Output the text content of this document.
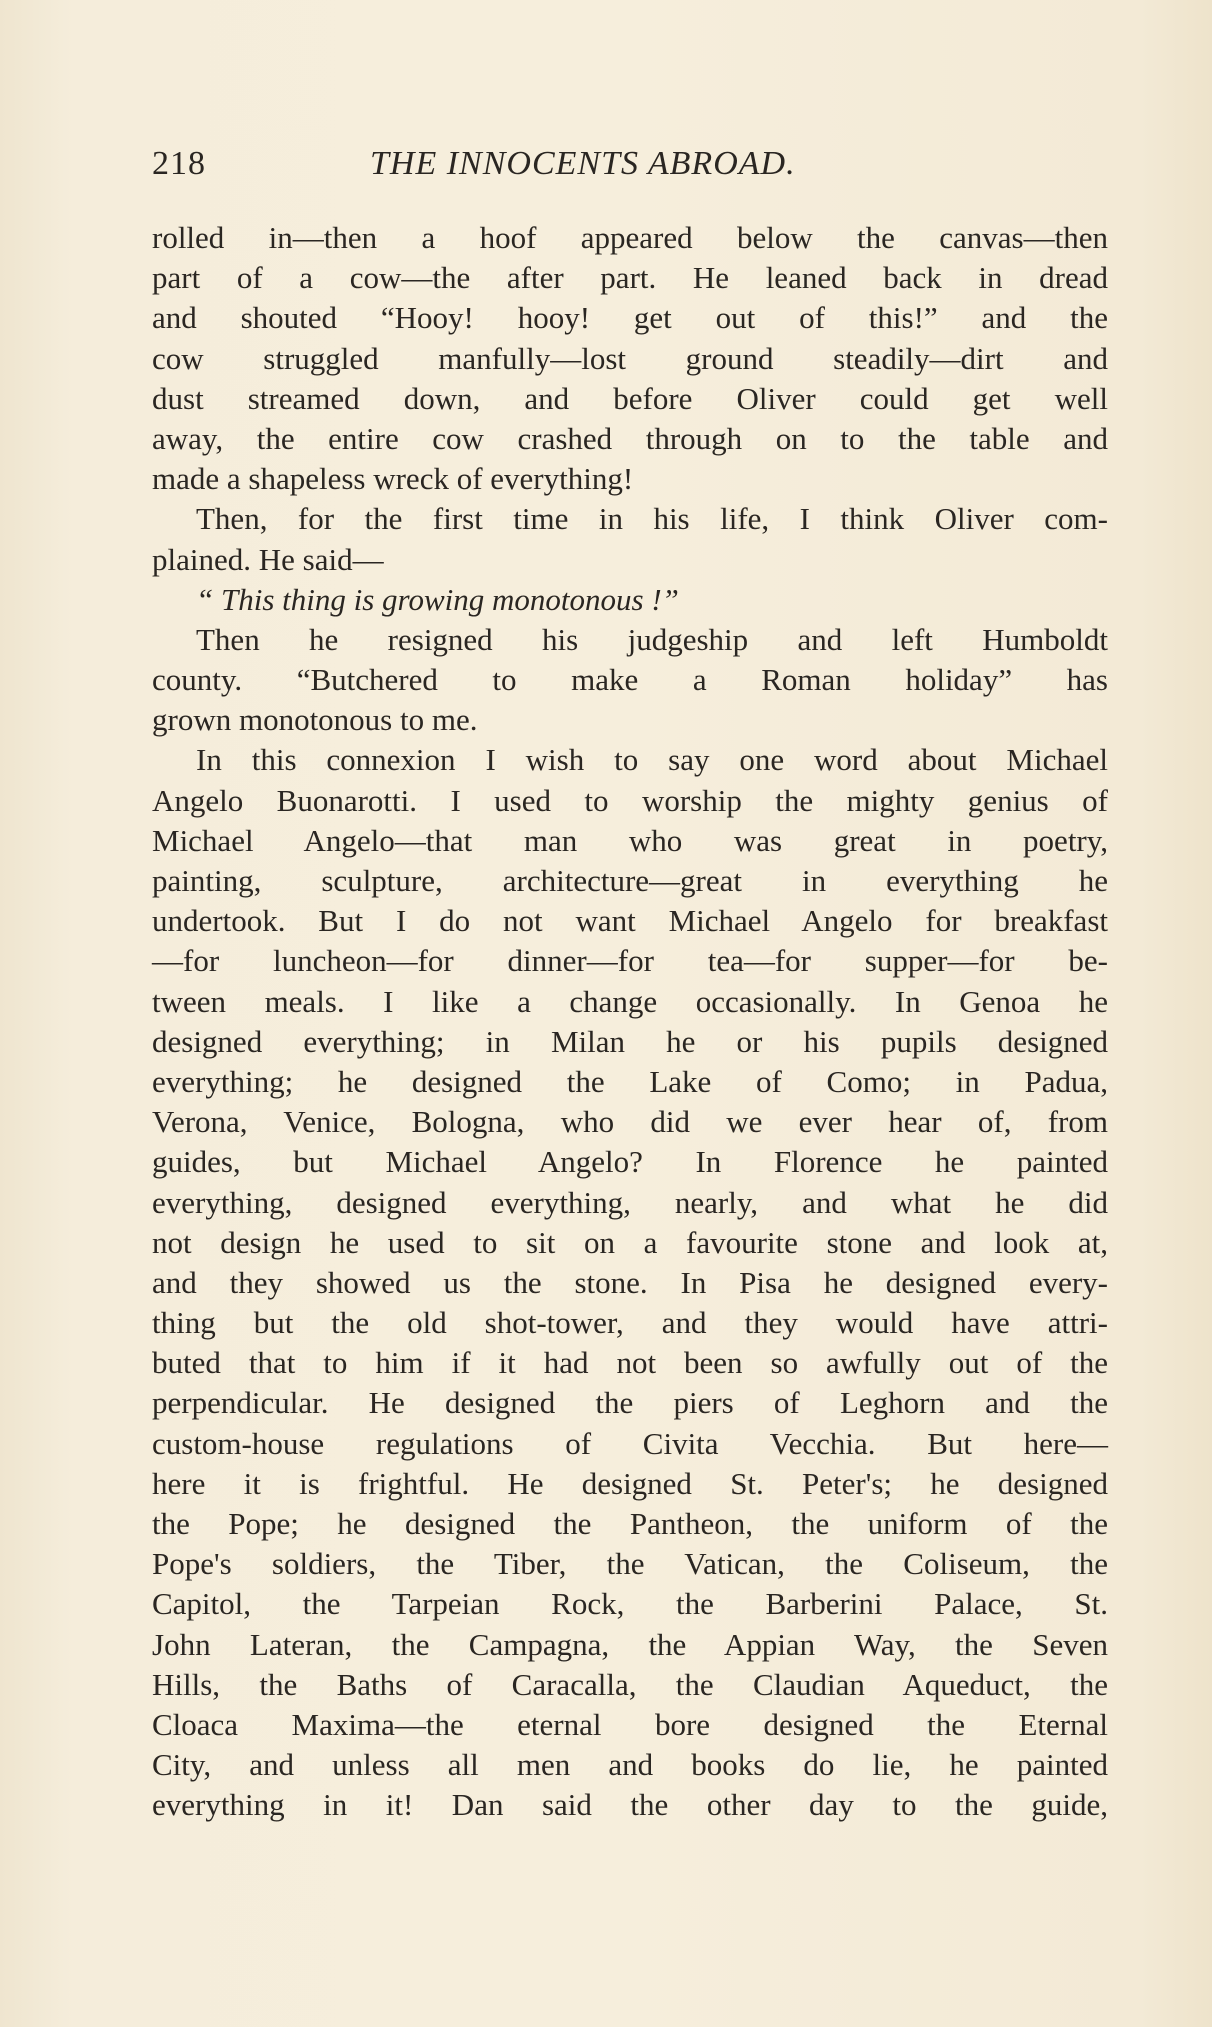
218	THE INNOCENTS ABROAD.
rolled in—then a hoof appeared below the canvas—then
part of a cow—the after part. He leaned back in dread
and shouted “Hooy! hooy! get out of this!” and the
cow struggled manfully—lost ground steadily—dirt and
dust streamed down, and before Oliver could get well
away, the entire cow crashed through on to the table and
made a shapeless wreck of everything!
Then, for the first time in his life, I think Oliver com-
plained. He said—
“ This thing is growing monotonous !”
Then he resigned his judgeship and left Humboldt
county. “Butchered to make a Roman holiday” has
grown monotonous to me.
In this connexion I wish to say one word about Michael
Angelo Buonarotti. I used to worship the mighty genius of
Michael Angelo—that man who was great in poetry,
painting, sculpture, architecture—great in everything he
undertook. But I do not want Michael Angelo for breakfast
—for luncheon—for dinner—for tea—for supper—for be-
tween meals. I like a change occasionally. In Genoa he
designed everything; in Milan he or his pupils designed
everything; he designed the Lake of Como; in Padua,
Verona, Venice, Bologna, who did we ever hear of, from
guides, but Michael Angelo? In Florence he painted
everything, designed everything, nearly, and what he did
not design he used to sit on a favourite stone and look at,
and they showed us the stone. In Pisa he designed every-
thing but the old shot-tower, and they would have attri-
buted that to him if it had not been so awfully out of the
perpendicular. He designed the piers of Leghorn and the
custom-house regulations of Civita Vecchia. But here—
here it is frightful. He designed St. Peter's; he designed
the Pope; he designed the Pantheon, the uniform of the
Pope's soldiers, the Tiber, the Vatican, the Coliseum, the
Capitol, the Tarpeian Rock, the Barberini Palace, St.
John Lateran, the Campagna, the Appian Way, the Seven
Hills, the Baths of Caracalla, the Claudian Aqueduct, the
Cloaca Maxima—the eternal bore designed the Eternal
City, and unless all men and books do lie, he painted
everything in it! Dan said the other day to the guide,
